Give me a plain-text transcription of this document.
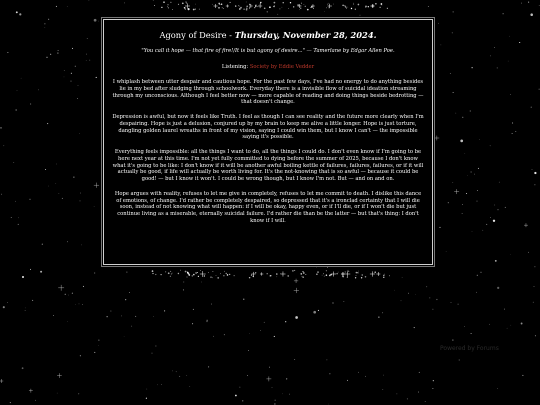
Agony of Desire - Thursday, November 28, 2024.

"You call it hope — that fire of fire!/It is but agony of desire..." — Tamerlane by Edgar Allen Poe.

Listening: Society by Eddie Vedder

I whiplash between utter despair and cautious hope. For the past few days, I've had no energy to do anything besides lie in my bed after sludging through schoolwork. Everyday there is a invisible flow of suicidal ideation streaming through my unconscious. Although I feel better now — more capable of reading and doing things beside bedrotting — that doesn't change.

Depression is awful, but now it feels like Truth. I feel as though I can see reality and the future more clearly when I'm despairing. Hope is just a delusion, conjured up by my brain to keep me alive a little longer. Hope is just torture, dangling golden laurel wreaths in front of my vision, saying I could win them, but I know I can't — the impossible saying it's possible.

Everything feels impossible: all the things I want to do, all the things I could do. I don't even know if I'm going to be here next year at this time. I'm not yet fully committed to dying before the summer of 2025, because I don't know what it's going to be like: I don't know if it will be another awful boiling kettle of failures, failures, failures, or if it will actually be good, if life will actually be worth living for. It's the not-knowing that is so awful — because it could be good! — but I know it won't. I could be wrong though, but I know I'm not. But — and on and on.

Hope argues with reality, refuses to let me give in completely, refuses to let me commit to death. I dislike this dance of emotions, of change. I'd rather be completely despaired, so depressed that it's a ironclad certainty that I will die soon, instead of not knowing what will happen: if I will be okay, happy even, or if I'll die, or if I won't die but just continue living as a miserable, eternally suicidal failure. I'd rather die than be the latter — but that's thing: I don't know if I will.

Powered by Forums
